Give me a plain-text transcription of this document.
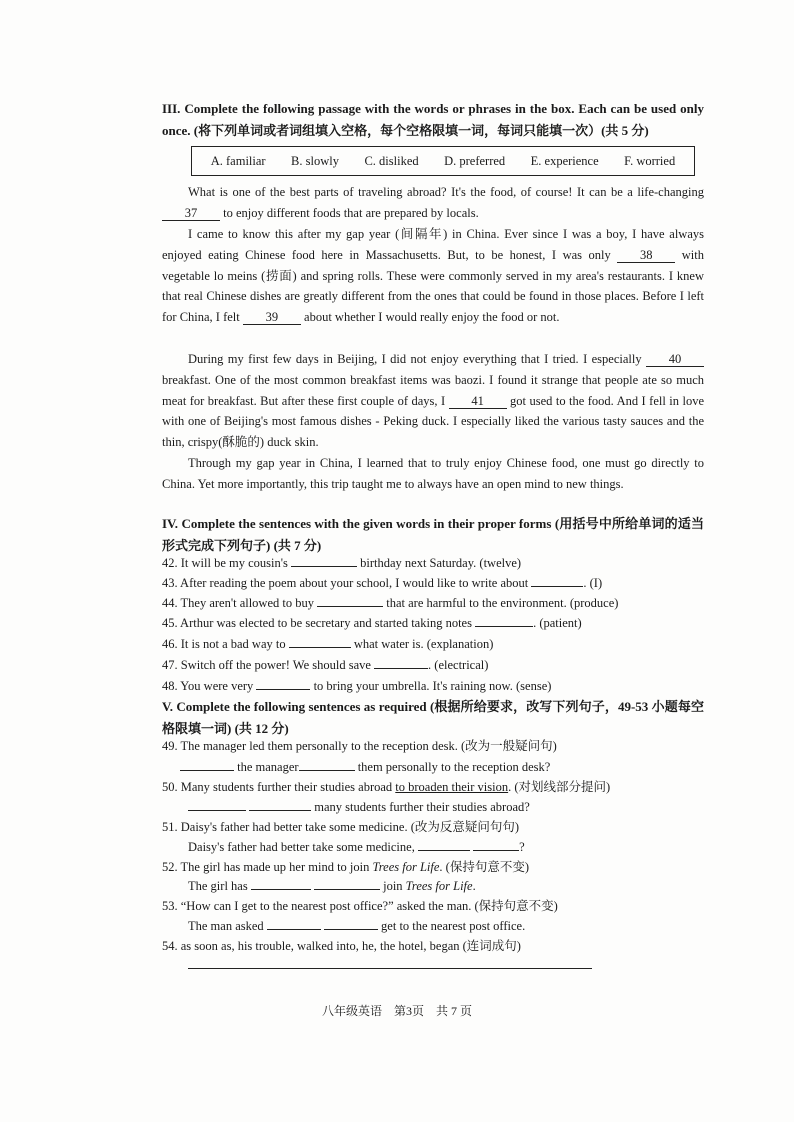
III. Complete the following passage with the words or phrases in the box. Each can be used only once. (将下列单词或者词组填入空格，每个空格限填一词，每词只能填一次）(共 5 分)
A. familiar B. slowly C. disliked D. preferred E. experience F. worried
What is one of the best parts of traveling abroad? It's the food, of course! It can be a life-changing 37 to enjoy different foods that are prepared by locals.
I came to know this after my gap year (间隔年) in China. Ever since I was a boy, I have always enjoyed eating Chinese food here in Massachusetts. But, to be honest, I was only 38 with vegetable lo meins (捞面) and spring rolls. These were commonly served in my area's restaurants. I knew that real Chinese dishes are greatly different from the ones that could be found in those places. Before I left for China, I felt 39 about whether I would really enjoy the food or not.
During my first few days in Beijing, I did not enjoy everything that I tried. I especially 40 breakfast. One of the most common breakfast items was baozi. I found it strange that people ate so much meat for breakfast. But after these first couple of days, I 41 got used to the food. And I fell in love with one of Beijing's most famous dishes - Peking duck. I especially liked the various tasty sauces and the thin, crispy(酥脆的) duck skin.
Through my gap year in China, I learned that to truly enjoy Chinese food, one must go directly to China. Yet more importantly, this trip taught me to always have an open mind to new things.
IV. Complete the sentences with the given words in their proper forms (用括号中所给单词的适当形式完成下列句子) (共 7 分)
42. It will be my cousin's	birthday next Saturday. (twelve)
43. After reading the poem about your school, I would like to write about	. (I)
44. They aren't allowed to buy	that are harmful to the environment. (produce)
45. Arthur was elected to be secretary and started taking notes	. (patient)
46. It is not a bad way to	what water is. (explanation)
47. Switch off the power! We should save	. (electrical)
48. You were very	to bring your umbrella. It's raining now. (sense)
V. Complete the following sentences as required (根据所给要求，改写下列句子，49-53 小题每空格限填一词) (共 12 分)
49. The manager led them personally to the reception desk. (改为一般疑问句)
the manager	them personally to the reception desk?
50. Many students further their studies abroad to broaden their vision. (对划线部分提问)
many students further their studies abroad?
51. Daisy's father had better take some medicine. (改为反意疑问句句)
Daisy's father had better take some medicine,	?
52. The girl has made up her mind to join Trees for Life. (保持句意不变)
The girl has	join Trees for Life.
53. “How can I get to the nearest post office?” asked the man. (保持句意不变)
The man asked	get to the nearest post office.
54. as soon as, his trouble, walked into, he, the hotel, began (连词成句)
八年级英语　第3页　共 7 页
